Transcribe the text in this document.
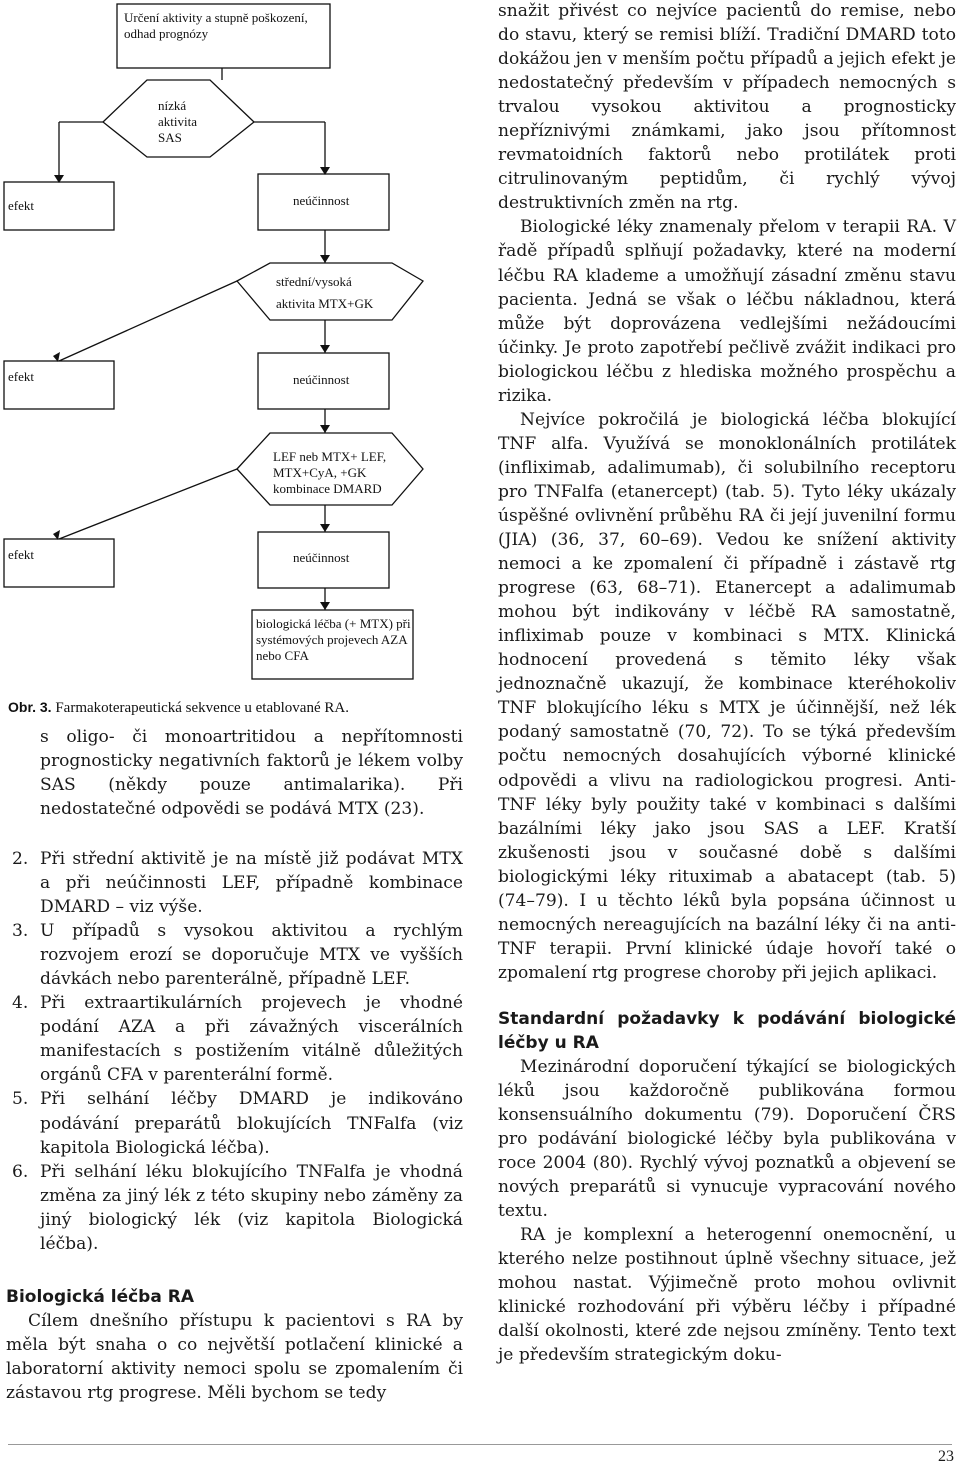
Určení aktivity a stupně poškození, odhad prognózy
nízká aktivita SAS
efekt	neúčinnost
střední/vysoká aktivita MTX+GK
efekt	neúčinnost
LEF neb MTX+ LEF, MTX+CyA, +GK kombinace DMARD
efekt	neúčinnost
biologická léčba (+ MTX) při systémových projevech AZA nebo CFA
Obr. 3. Farmakoterapeutická sekvence u etablované RA.

s oligo- či monoartritidou a nepřítomnosti prognosticky negativních faktorů je lékem volby SAS (někdy pouze antimalarika). Při nedostatečné odpovědi se podává MTX (23).

2. Při střední aktivitě je na místě již podávat MTX a při neúčinnosti LEF, případně kombinace DMARD – viz výše.

3. U případů s vysokou aktivitou a rychlým rozvojem erozí se doporučuje MTX ve vyšších dávkách nebo parenterálně, případně LEF.

4. Při extraartikulárních projevech je vhodné podání AZA a při závažných viscerálních manifestacích s postižením vitálně důležitých orgánů CFA v parenterální formě.

5. Při selhání léčby DMARD je indikováno podávání preparátů blokujících TNFalfa (viz kapitola Biologická léčba).

6. Při selhání léku blokujícího TNFalfa je vhodná změna za jiný lék z této skupiny nebo záměny za jiný biologický lék (viz kapitola Biologická léčba).

Biologická léčba RA

Cílem dnešního přístupu k pacientovi s RA by měla být snaha o co největší potlačení klinické a laboratorní aktivity nemoci spolu se zpomalením či zástavou rtg progrese. Měli bychom se tedy

snažit přivést co nejvíce pacientů do remise, nebo do stavu, který se remisi blíží. Tradiční DMARD toto dokážou jen v menším počtu případů a jejich efekt je nedostatečný především v případech nemocných s trvalou vysokou aktivitou a prognosticky nepříznivými známkami, jako jsou přítomnost revmatoidních faktorů nebo protilátek proti citrulinovaným peptidům, či rychlý vývoj destruktivních změn na rtg.

Biologické léky znamenaly přelom v terapii RA. V řadě případů splňují požadavky, které na moderní léčbu RA klademe a umožňují zásadní změnu stavu pacienta. Jedná se však o léčbu nákladnou, která může být doprovázena vedlejšími nežádoucími účinky. Je proto zapotřebí pečlivě zvážit indikaci pro biologickou léčbu z hlediska možného prospěchu a rizika.

Nejvíce pokročilá je biologická léčba blokující TNF alfa. Využívá se monoklonálních protilátek (infliximab, adalimumab), či solubilního receptoru pro TNFalfa (etanercept) (tab. 5). Tyto léky ukázaly úspěšné ovlivnění průběhu RA či její juvenilní formu (JIA) (36, 37, 60–69). Vedou ke snížení aktivity nemoci a ke zpomalení či případně i zástavě rtg progrese (63, 68–71). Etanercept a adalimumab mohou být indikovány v léčbě RA samostatně, infliximab pouze v kombinaci s MTX. Klinická hodnocení provedená s těmito léky však jednoznačně ukazují, že kombinace kteréhokoliv TNF blokujícího léku s MTX je účinnější, než lék podaný samostatně (70, 72). To se týká především počtu nemocných dosahujících výborné klinické odpovědi a vlivu na radiologickou progresi. Anti-TNF léky byly použity také v kombinaci s dalšími bazálními léky jako jsou SAS a LEF. Kratší zkušenosti jsou v současné době s dalšími biologickými léky rituximab a abatacept (tab. 5) (74–79). I u těchto léků byla popsána účinnost u nemocných nereagujících na bazální léky či na anti-TNF terapii. První klinické údaje hovoří také o zpomalení rtg progrese choroby při jejich aplikaci.

Standardní požadavky k podávání biologické léčby u RA

Mezinárodní doporučení týkající se biologických léků jsou každoročně publikována formou konsensuálního dokumentu (79). Doporučení ČRS pro podávání biologické léčby byla publikována v roce 2004 (80). Rychlý vývoj poznatků a objevení se nových preparátů si vynucuje vypracování nového textu.

RA je komplexní a heterogenní onemocnění, u kterého nelze postihnout úplně všechny situace, jež mohou nastat. Výjimečně proto mohou ovlivnit klinické rozhodování při výběru léčby i případné další okolnosti, které zde nejsou zmíněny. Tento text je především strategickým doku-

23
